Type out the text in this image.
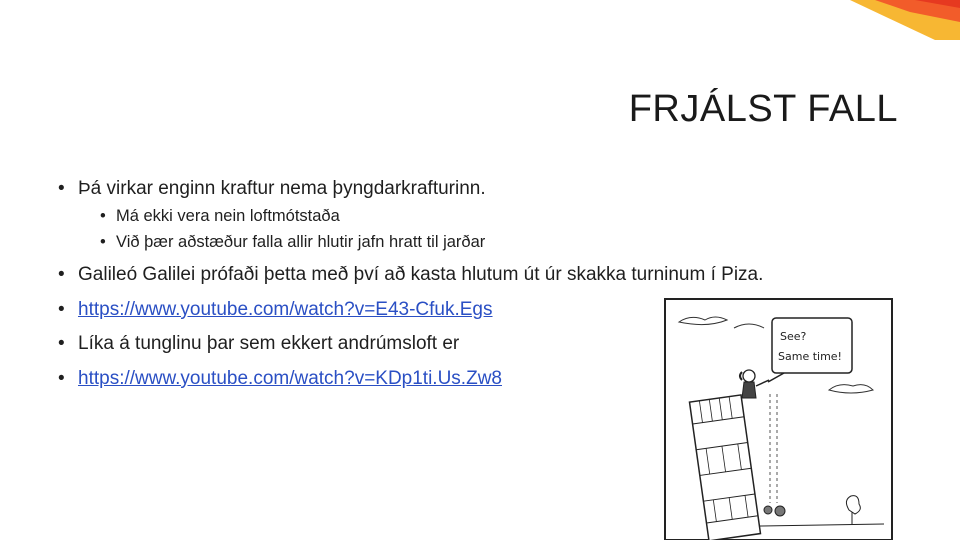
FRJÁLST FALL
• Þá virkar enginn kraftur nema þyngdarkrafturinn.
• Má ekki vera nein loftmótstaða
• Við þær aðstæður falla allir hlutir jafn hratt til jarðar
• Galileó Galilei prófaði þetta með því að kasta hlutum út úr skakka turninum í Piza.
• https://www.youtube.com/watch?v=E43-Cfuk.Egs
• Líka á tunglinu þar sem ekkert andrúmsloft er
• https://www.youtube.com/watch?v=KDp1ti.Us.Zw8
See?
Same time!
